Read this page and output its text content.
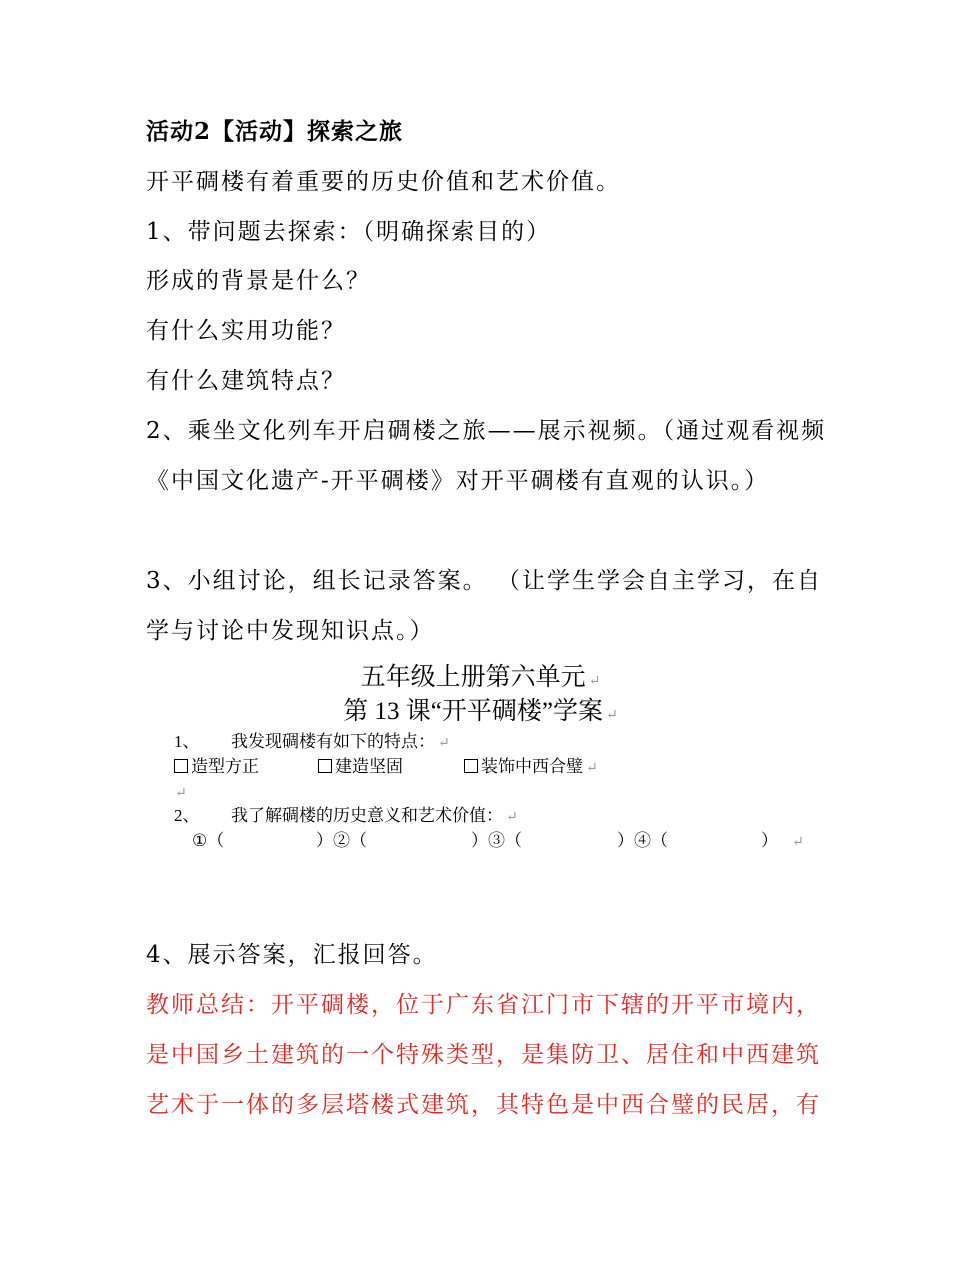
活动2【活动】探索之旅
开平碉楼有着重要的历史价值和艺术价值。
1、带问题去探索：（明确探索目的）
形成的背景是什么？
有什么实用功能？
有什么建筑特点？
2、乘坐文化列车开启碉楼之旅——展示视频。（通过观看视频
《中国文化遗产-开平碉楼》对开平碉楼有直观的认识。）
3、小组讨论，组长记录答案。 （让学生学会自主学习，在自
学与讨论中发现知识点。）
五年级上册第六单元 ↵
第 13 课“开平碉楼”学案 ↵
1、 我发现碉楼有如下的特点： ↵
造型方正	建造坚固	装饰中西合璧 ↵
↵
2、 我了解碉楼的历史意义和艺术价值： ↵
①（	）②（	）③（	）④（	） ↵
4、展示答案，汇报回答。
教师总结：开平碉楼，位于广东省江门市下辖的开平市境内，
是中国乡土建筑的一个特殊类型，是集防卫、居住和中西建筑
艺术于一体的多层塔楼式建筑，其特色是中西合璧的民居，有
